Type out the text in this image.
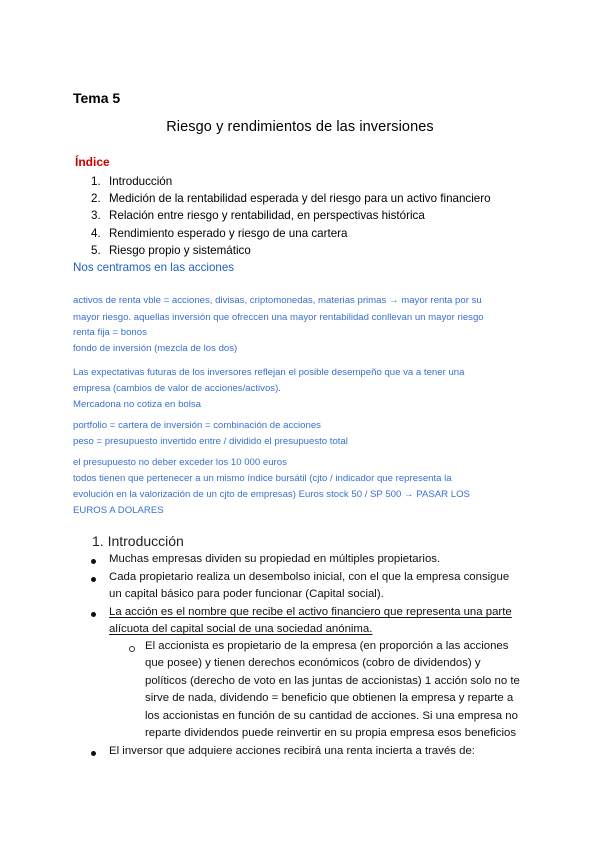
Tema 5
Riesgo y rendimientos de las inversiones
Índice
1. Introducción
2. Medición de la rentabilidad esperada y del riesgo para un activo financiero
3. Relación entre riesgo y rentabilidad, en perspectivas histórica
4. Rendimiento esperado y riesgo de una cartera
5. Riesgo propio y sistemático
Nos centramos en las acciones
activos de renta vble = acciones, divisas, criptomonedas, materias primas → mayor renta por su
mayor riesgo. aquellas inversión que ofreccen una mayor rentabilidad conllevan un mayor riesgo
renta fija = bonos
fondo de inversión (mezcla de los dos)
Las expectativas futuras de los inversores reflejan el posible desempeño que va a tener una
empresa (cambios de valor de acciones/activos).
Mercadona no cotiza en bolsa
portfolio = cartera de inversión = combinación de acciones
peso = presupuesto invertido entre / dividido el presupuesto total
el presupuesto no deber exceder los 10 000 euros
todos tienen que pertenecer a un mismo índice bursátil (cjto / indicador que representa la
evolución en la valorización de un cjto de empresas) Euros stock 50 / SP 500 → PASAR LOS
EUROS A DOLARES
1. Introducción
Muchas empresas dividen su propiedad en múltiples propietarios.
Cada propietario realiza un desembolso inicial, con el que la empresa consigue
un capital básico para poder funcionar (Capital social).
La acción es el nombre que recibe el activo financiero que representa una parte
alícuota del capital social de una sociedad anónima.
El accionista es propietario de la empresa (en proporción a las acciones
que posee) y tienen derechos económicos (cobro de dividendos) y
políticos (derecho de voto en las juntas de accionistas) 1 acción solo no te
sirve de nada, dividendo = beneficio que obtienen la empresa y reparte a
los accionistas en función de su cantidad de acciones. Si una empresa no
reparte dividendos puede reinvertir en su propia empresa esos beneficios
El inversor que adquiere acciones recibirá una renta incierta a través de:
